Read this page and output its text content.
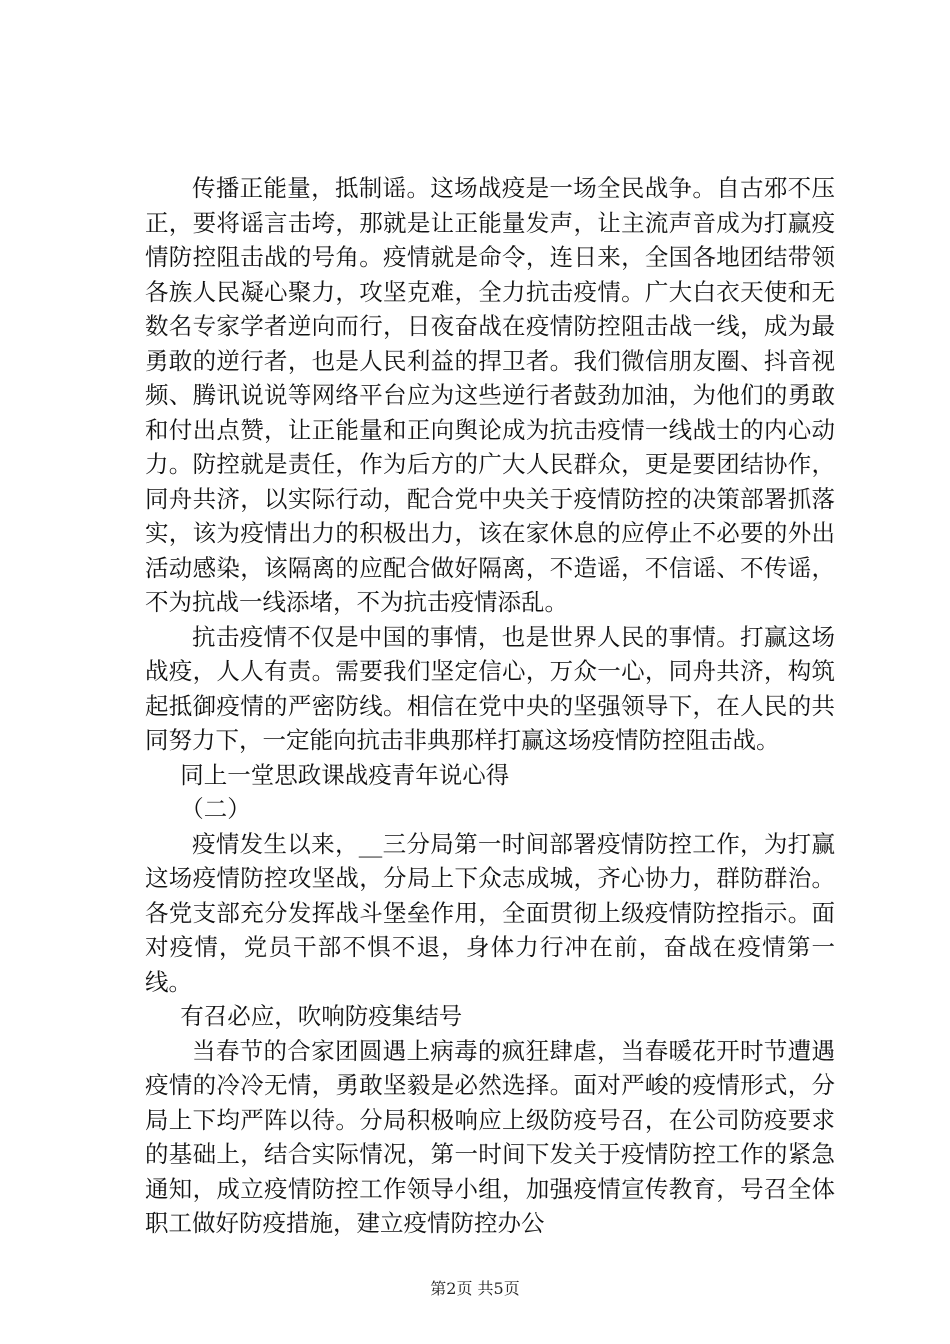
传播正能量，抵制谣。这场战疫是一场全民战争。自古邪不压正，要将谣言击垮，那就是让正能量发声，让主流声音成为打赢疫情防控阻击战的号角。疫情就是命令，连日来，全国各地团结带领各族人民凝心聚力，攻坚克难，全力抗击疫情。广大白衣天使和无数名专家学者逆向而行，日夜奋战在疫情防控阻击战一线，成为最勇敢的逆行者，也是人民利益的捍卫者。我们微信朋友圈、抖音视频、腾讯说说等网络平台应为这些逆行者鼓劲加油，为他们的勇敢和付出点赞，让正能量和正向舆论成为抗击疫情一线战士的内心动力。防控就是责任，作为后方的广大人民群众，更是要团结协作，同舟共济，以实际行动，配合党中央关于疫情防控的决策部署抓落实，该为疫情出力的积极出力，该在家休息的应停止不必要的外出活动感染，该隔离的应配合做好隔离，不造谣，不信谣、不传谣，不为抗战一线添堵，不为抗击疫情添乱。

抗击疫情不仅是中国的事情，也是世界人民的事情。打赢这场战疫，人人有责。需要我们坚定信心，万众一心，同舟共济，构筑起抵御疫情的严密防线。相信在党中央的坚强领导下，在人民的共同努力下，一定能向抗击非典那样打赢这场疫情防控阻击战。

同上一堂思政课战疫青年说心得

（二）

疫情发生以来，__三分局第一时间部署疫情防控工作，为打赢这场疫情防控攻坚战，分局上下众志成城，齐心协力，群防群治。各党支部充分发挥战斗堡垒作用，全面贯彻上级疫情防控指示。面对疫情，党员干部不惧不退，身体力行冲在前，奋战在疫情第一线。

有召必应，吹响防疫集结号

当春节的合家团圆遇上病毒的疯狂肆虐，当春暖花开时节遭遇疫情的冷冷无情，勇敢坚毅是必然选择。面对严峻的疫情形式，分局上下均严阵以待。分局积极响应上级防疫号召，在公司防疫要求的基础上，结合实际情况，第一时间下发关于疫情防控工作的紧急通知，成立疫情防控工作领导小组，加强疫情宣传教育，号召全体职工做好防疫措施，建立疫情防控办公

第2页 共5页
